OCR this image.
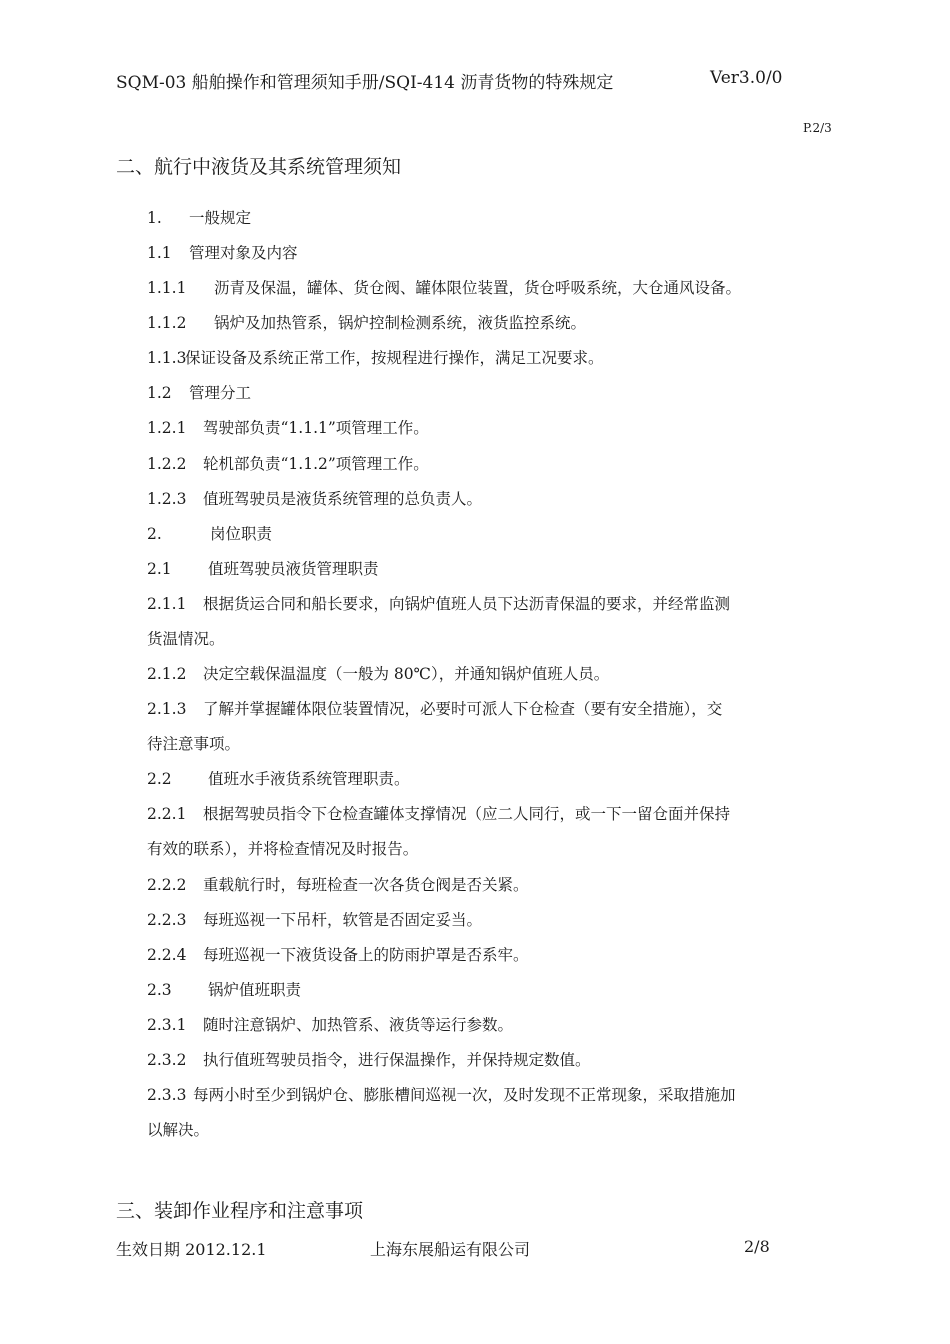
SQM-03 船舶操作和管理须知手册/SQI-414 沥青货物的特殊规定	Ver3.0/0
P.2/3
二、航行中液货及其系统管理须知
1. 一般规定
1.1 管理对象及内容
1.1.1 沥青及保温，罐体、货仓阀、罐体限位装置，货仓呼吸系统，大仓通风设备。
1.1.2 锅炉及加热管系，锅炉控制检测系统，液货监控系统。
1.1.3保证设备及系统正常工作，按规程进行操作，满足工况要求。
1.2 管理分工
1.2.1 驾驶部负责“1.1.1”项管理工作。
1.2.2 轮机部负责“1.1.2”项管理工作。
1.2.3 值班驾驶员是液货系统管理的总负责人。
2.	岗位职责
2.1 值班驾驶员液货管理职责
2.1.1 根据货运合同和船长要求，向锅炉值班人员下达沥青保温的要求，并经常监测
货温情况。
2.1.2 决定空载保温温度（一般为 80℃），并通知锅炉值班人员。
2.1.3 了解并掌握罐体限位装置情况，必要时可派人下仓检查（要有安全措施），交
待注意事项。
2.2 值班水手液货系统管理职责。
2.2.1 根据驾驶员指令下仓检查罐体支撑情况（应二人同行，或一下一留仓面并保持
有效的联系），并将检查情况及时报告。
2.2.2 重载航行时，每班检查一次各货仓阀是否关紧。
2.2.3 每班巡视一下吊杆，软管是否固定妥当。
2.2.4 每班巡视一下液货设备上的防雨护罩是否系牢。
2.3 锅炉值班职责
2.3.1 随时注意锅炉、加热管系、液货等运行参数。
2.3.2 执行值班驾驶员指令，进行保温操作，并保持规定数值。
2.3.3 每两小时至少到锅炉仓、膨胀槽间巡视一次，及时发现不正常现象，采取措施加
以解决。
三、装卸作业程序和注意事项
生效日期 2012.12.1	上海东展船运有限公司	2/8
